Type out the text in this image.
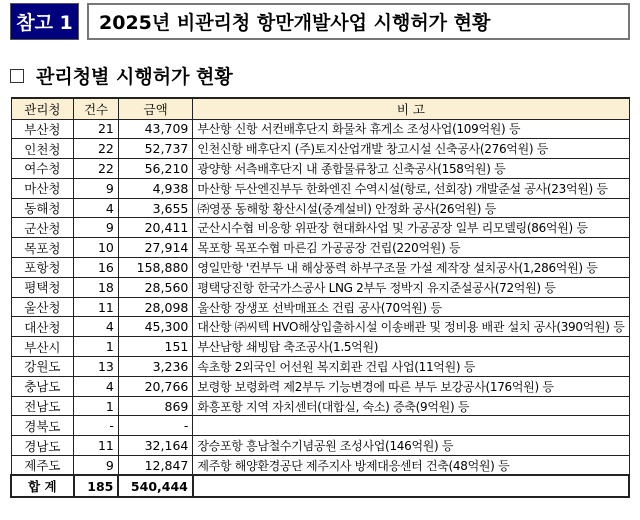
참고 1	2025년 비관리청 항만개발사업 시행허가 현황
관리청별 시행허가 현황
관리청	건수	금액	비 고
부산청	21	43,709	부산항 신항 서컨배후단지 화물차 휴게소 조성사업(109억원) 등
인천청	22	52,737	인천신항 배후단지 (주)토지산업개발 창고시설 신축공사(276억원) 등
여수청	22	56,210	광양항 서측배후단지 내 종합물류창고 신축공사(158억원) 등
마산청	9	4,938	마산항 두산엔진부두 한화엔진 수역시설(항로, 선회장) 개발준설 공사(23억원) 등
동해청	4	3,655	㈜영풍 동해항 황산시설(중계설비) 안정화 공사(26억원) 등
군산청	9	20,411	군산시수협 비응항 위판장 현대화사업 및 가공공장 일부 리모델링(86억원) 등
목포청	10	27,914	목포항 목포수협 마른김 가공공장 건립(220억원) 등
포항청	16	158,880	영일만항 '컨부두 내 해상풍력 하부구조물 가설 제작장 설치공사(1,286억원) 등
평택청	18	28,560	평택당진항 한국가스공사 LNG 2부두 정박지 유지준설공사(72억원) 등
울산청	11	28,098	울산항 장생포 선박매표소 건립 공사(70억원) 등
대산청	4	45,300	대산항 ㈜씨텍 HVO해상입출하시설 이송배관 및 정비용 배관 설치 공사(390억원) 등
부산시	1	151	부산남항 쇄빙탑 축조공사(1.5억원)
강원도	13	3,236	속초항 2외국인 어선원 복지회관 건립 사업(11억원) 등
충남도	4	20,766	보령항 보령화력 제2부두 기능변경에 따른 부두 보강공사(176억원) 등
전남도	1	869	화흥포항 지역 자치센터(대합실, 숙소) 증축(9억원) 등
경북도	-	-	
경남도	11	32,164	장승포항 흥남철수기념공원 조성사업(146억원) 등
제주도	9	12,847	제주항 해양환경공단 제주지사 방제대응센터 건축(48억원) 등
합 계	185	540,444	
